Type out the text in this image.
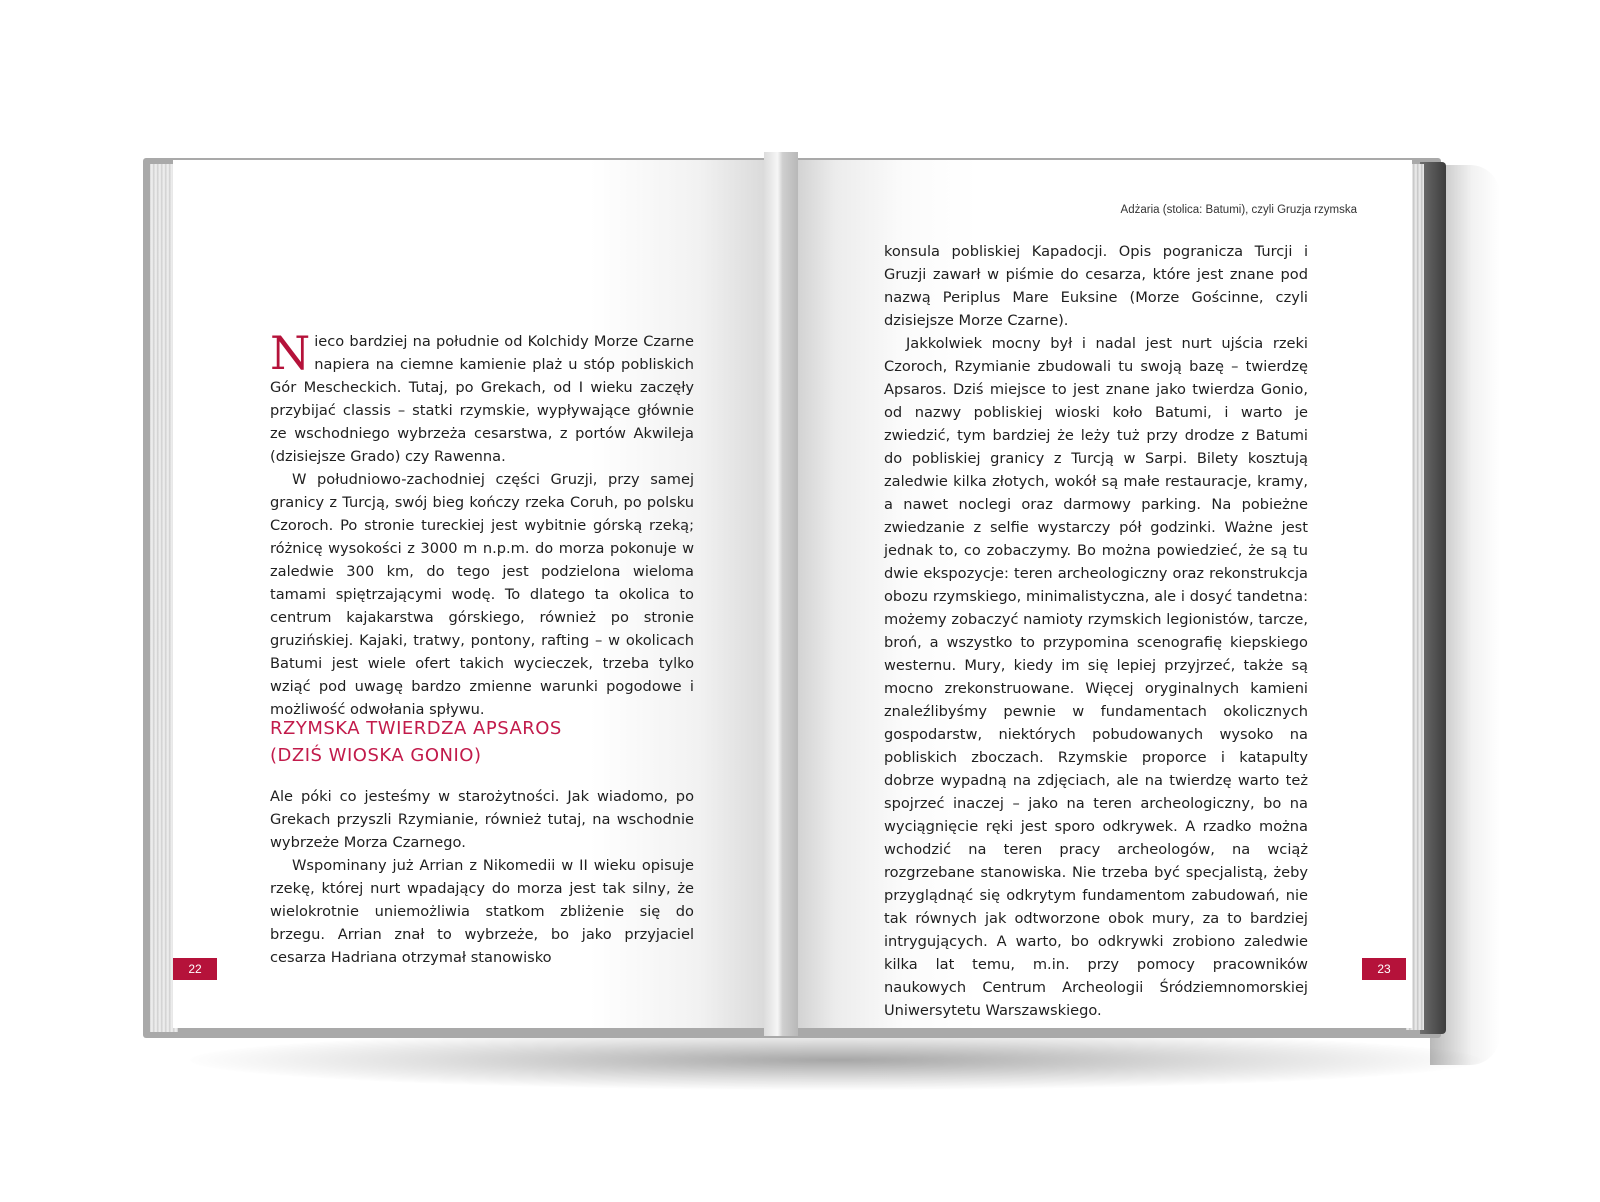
Nieco bardziej na południe od Kolchidy Morze Czarne napiera na ciemne kamienie plaż u stóp pobliskich Gór Mescheckich. Tutaj, po Grekach, od I wieku zaczęły przybijać classis – statki rzymskie, wypływające głównie ze wschodniego wybrzeża cesarstwa, z portów Akwileja (dzisiejsze Grado) czy Rawenna.

W południowo-zachodniej części Gruzji, przy samej granicy z Turcją, swój bieg kończy rzeka Coruh, po polsku Czoroch. Po stronie tureckiej jest wybitnie górską rzeką; różnicę wysokości z 3000 m n.p.m. do morza pokonuje w zaledwie 300 km, do tego jest podzielona wieloma tamami spiętrzającymi wodę. To dlatego ta okolica to centrum kajakarstwa górskiego, również po stronie gruzińskiej. Kajaki, tratwy, pontony, rafting – w okolicach Batumi jest wiele ofert takich wycieczek, trzeba tylko wziąć pod uwagę bardzo zmienne warunki pogodowe i możliwość odwołania spływu.

RZYMSKA TWIERDZA APSAROS
(DZIŚ WIOSKA GONIO)

Ale póki co jesteśmy w starożytności. Jak wiadomo, po Grekach przyszli Rzymianie, również tutaj, na wschodnie wybrzeże Morza Czarnego.

Wspominany już Arrian z Nikomedii w II wieku opisuje rzekę, której nurt wpadający do morza jest tak silny, że wielokrotnie uniemożliwia statkom zbliżenie się do brzegu. Arrian znał to wybrzeże, bo jako przyjaciel cesarza Hadriana otrzymał stanowisko

22
Adżaria (stolica: Batumi), czyli Gruzja rzymska

konsula pobliskiej Kapadocji. Opis pogranicza Turcji i Gruzji zawarł w piśmie do cesarza, które jest znane pod nazwą Periplus Mare Euksine (Morze Gościnne, czyli dzisiejsze Morze Czarne).

Jakkolwiek mocny był i nadal jest nurt ujścia rzeki Czoroch, Rzymianie zbudowali tu swoją bazę – twierdzę Apsaros. Dziś miejsce to jest znane jako twierdza Gonio, od nazwy pobliskiej wioski koło Batumi, i warto je zwiedzić, tym bardziej że leży tuż przy drodze z Batumi do pobliskiej granicy z Turcją w Sarpi. Bilety kosztują zaledwie kilka złotych, wokół są małe restauracje, kramy, a nawet noclegi oraz darmowy parking. Na pobieżne zwiedzanie z selfie wystarczy pół godzinki. Ważne jest jednak to, co zobaczymy. Bo można powiedzieć, że są tu dwie ekspozycje: teren archeologiczny oraz rekonstrukcja obozu rzymskiego, minimalistyczna, ale i dosyć tandetna: możemy zobaczyć namioty rzymskich legionistów, tarcze, broń, a wszystko to przypomina scenografię kiepskiego westernu. Mury, kiedy im się lepiej przyjrzeć, także są mocno zrekonstruowane. Więcej oryginalnych kamieni znaleźlibyśmy pewnie w fundamentach okolicznych gospodarstw, niektórych pobudowanych wysoko na pobliskich zboczach. Rzymskie proporce i katapulty dobrze wypadną na zdjęciach, ale na twierdzę warto też spojrzeć inaczej – jako na teren archeologiczny, bo na wyciągnięcie ręki jest sporo odkrywek. A rzadko można wchodzić na teren pracy archeologów, na wciąż rozgrzebane stanowiska. Nie trzeba być specjalistą, żeby przyglądnąć się odkrytym fundamentom zabudowań, nie tak równych jak odtworzone obok mury, za to bardziej intrygujących. A warto, bo odkrywki zrobiono zaledwie kilka lat temu, m.in. przy pomocy pracowników naukowych Centrum Archeologii Śródziemnomorskiej Uniwersytetu Warszawskiego.

23
